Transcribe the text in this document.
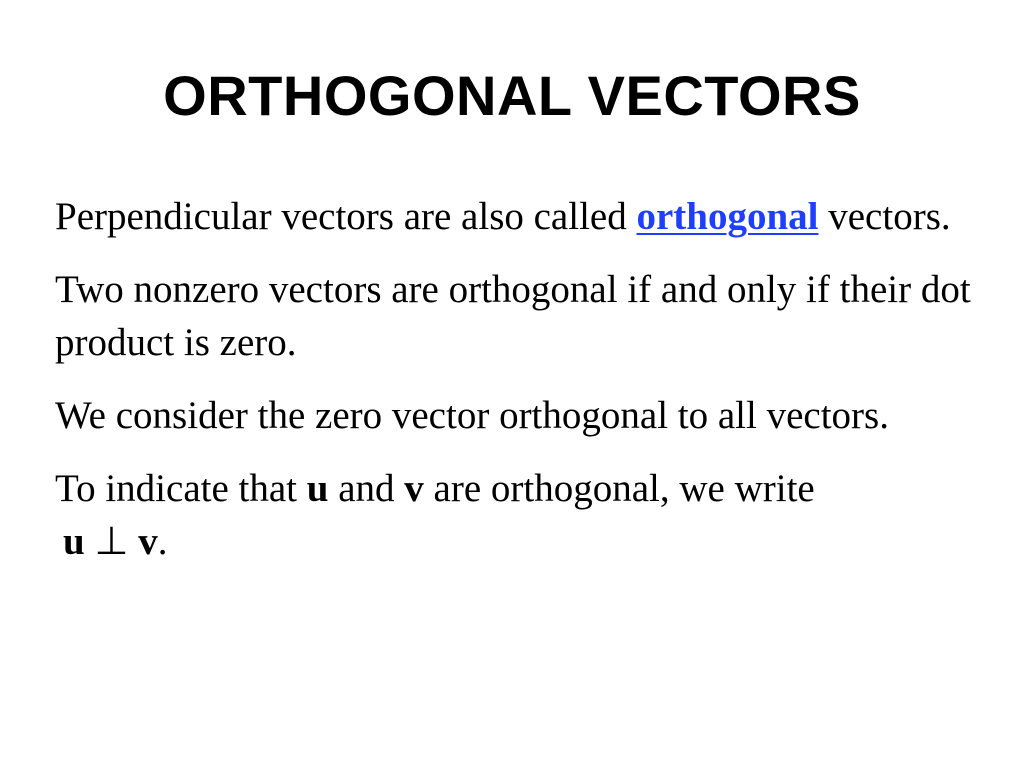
ORTHOGONAL VECTORS

Perpendicular vectors are also called orthogonal vectors.

Two nonzero vectors are orthogonal if and only if their dot product is zero.

We consider the zero vector orthogonal to all vectors.

To indicate that u and v are orthogonal, we write
u ⊥ v.
